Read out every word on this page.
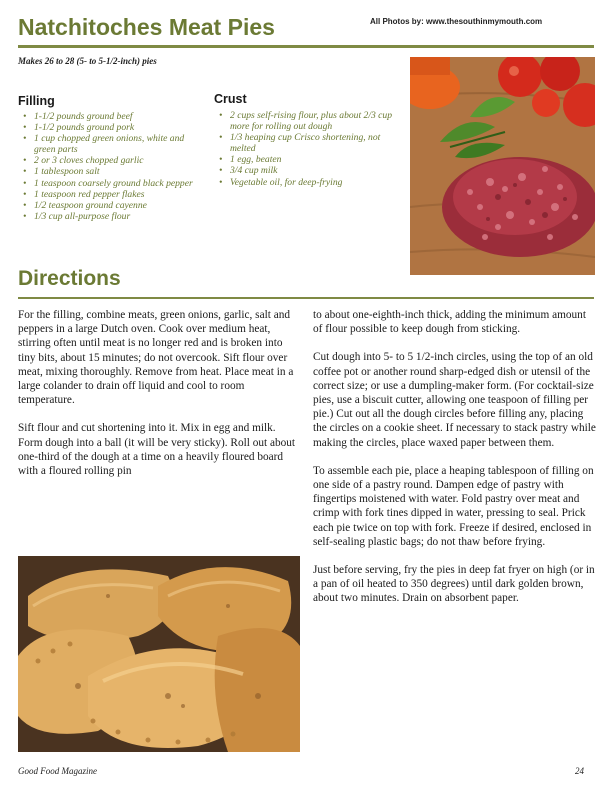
Natchitoches Meat Pies	All Photos by: www.thesouthinmymouth.com
Makes 26 to 28 (5- to 5-1/2-inch) pies
Filling
• 1-1/2 pounds ground beef
• 1-1/2 pounds ground pork
• 1 cup chopped green onions, white and green parts
• 2 or 3 cloves chopped garlic
• 1 tablespoon salt
• 1 teaspoon coarsely ground black pepper
• 1 teaspoon red pepper flakes
• 1/2 teaspoon ground cayenne
• 1/3 cup all-purpose flour
Crust
• 2 cups self-rising flour, plus about 2/3 cup more for rolling out dough
• 1/3 heaping cup Crisco shortening, not melted
• 1 egg, beaten
• 3/4 cup milk
• Vegetable oil, for deep-frying
Directions

For the filling, combine meats, green onions, garlic, salt and peppers in a large Dutch oven. Cook over medium heat, stirring often until meat is no longer red and is broken into tiny bits, about 15 minutes; do not overcook. Sift flour over meat, mixing thoroughly. Remove from heat. Place meat in a large colander to drain off liquid and cool to room temperature.

Sift flour and cut shortening into it. Mix in egg and milk. Form dough into a ball (it will be very sticky). Roll out about one-third of the dough at a time on a heavily floured board with a floured rolling pin

to about one-eighth-inch thick, adding the minimum amount of flour possible to keep dough from sticking.

Cut dough into 5- to 5 1/2-inch circles, using the top of an old coffee pot or another round sharp-edged dish or utensil of the correct size; or use a dumpling-maker form. (For cocktail-size pies, use a biscuit cutter, allowing one teaspoon of filling per pie.) Cut out all the dough circles before filling any, placing the circles on a cookie sheet. If necessary to stack pastry while making the circles, place waxed paper between them.

To assemble each pie, place a heaping tablespoon of filling on one side of a pastry round. Dampen edge of pastry with fingertips moistened with water. Fold pastry over meat and crimp with fork tines dipped in water, pressing to seal. Prick each pie twice on top with fork. Freeze if desired, enclosed in self-sealing plastic bags; do not thaw before frying.

Just before serving, fry the pies in deep fat fryer on high (or in a pan of oil heated to 350 degrees) until dark golden brown, about two minutes. Drain on absorbent paper.

Good Food Magazine	24
